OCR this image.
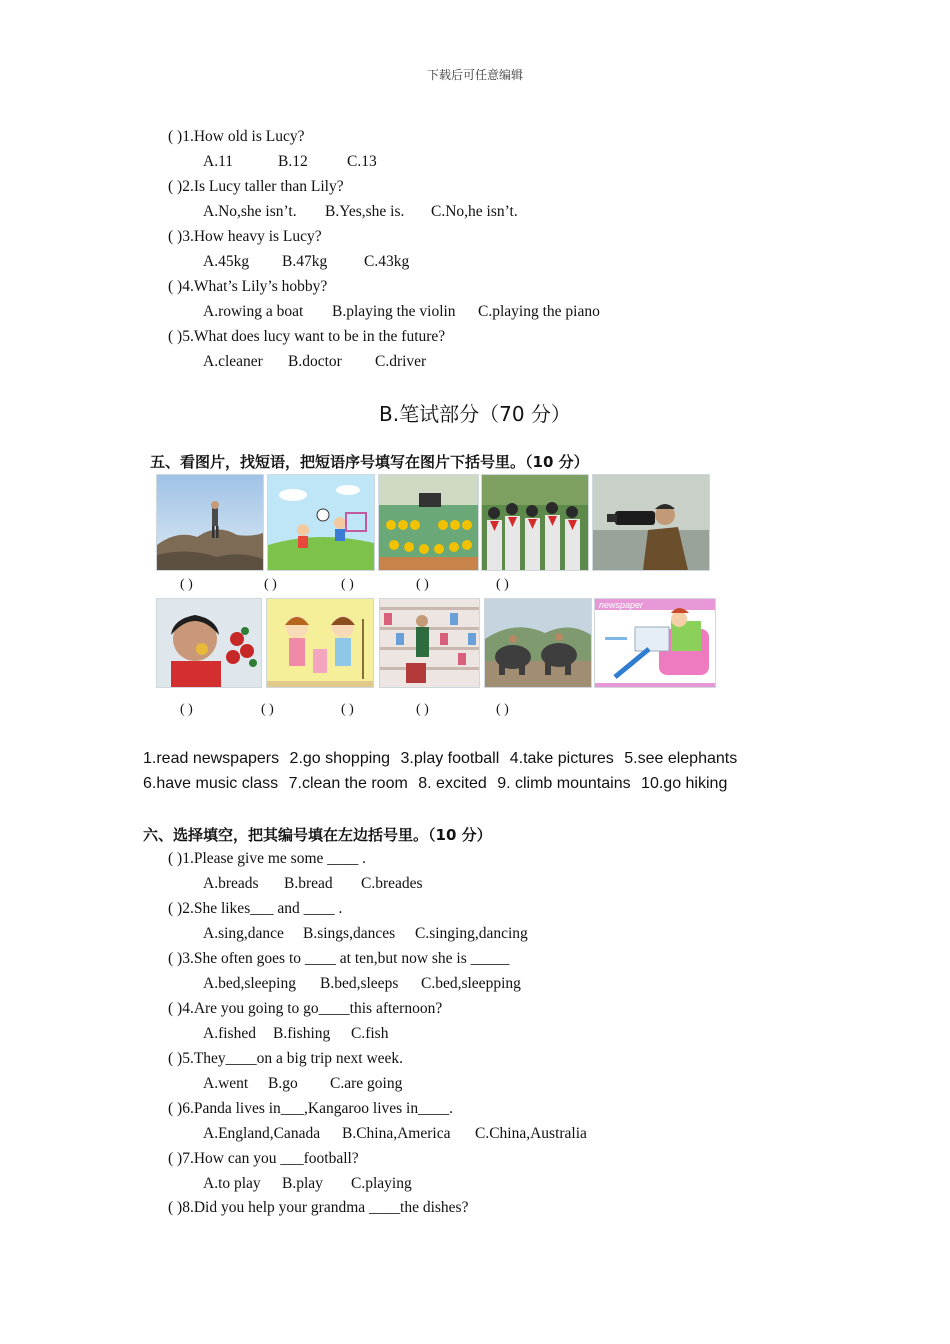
下载后可任意编辑
( )1.How old is Lucy?
A.11	B.12	C.13
( )2.Is Lucy taller than Lily?
A.No,she isn’t. B.Yes,she is. C.No,he isn’t.
( )3.How heavy is Lucy?
A.45kg B.47kg C.43kg
( )4.What’s Lily’s hobby?
A.rowing a boat B.playing the violin C.playing the piano
( )5.What does lucy want to be in the future?
A.cleaner B.doctor C.driver
B.笔试部分（70 分）
五、看图片，找短语，把短语序号填写在图片下括号里。（10 分）
( )	( )	( )	( )	( )
newspaper
( )	( )	( )	( )	( )
1.read newspapers 2.go shopping 3.play football 4.take pictures 5.see elephants
6.have music class 7.clean the room 8. excited 9. climb mountains 10.go hiking
六、选择填空，把其编号填在左边括号里。（10 分）
( )1.Please give me some ____ .
A.breads B.bread C.breades
( )2.She likes___ and ____ .
A.sing,dance B.sings,dances C.singing,dancing
( )3.She often goes to ____ at ten,but now she is _____
A.bed,sleeping B.bed,sleeps C.bed,sleepping
( )4.Are you going to go____this afternoon?
A.fished B.fishing C.fish
( )5.They____on a big trip next week.
A.went B.go C.are going
( )6.Panda lives in___,Kangaroo lives in____.
A.England,Canada B.China,America C.China,Australia
( )7.How can you ___football?
A.to play B.play C.playing
( )8.Did you help your grandma ____the dishes?
